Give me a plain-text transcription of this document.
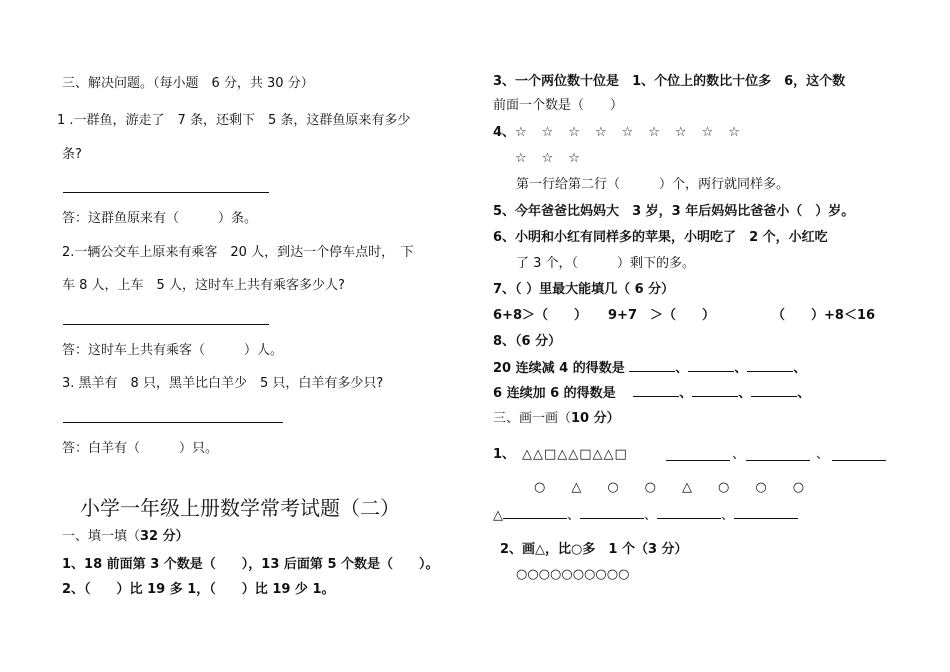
三、解决问题。（每小题　6 分，共 30 分）
1 .一群鱼，游走了　7 条，还剩下　5 条，这群鱼原来有多少
条?
答：这群鱼原来有（　　　）条。
2.一辆公交车上原来有乘客　20 人，到达一个停车点时，　下
车 8 人，上车　5 人，这时车上共有乘客多少人?
答：这时车上共有乘客（　　　）人。
3. 黑羊有　8 只，黑羊比白羊少　5 只，白羊有多少只?
答：白羊有（　　　）只。
小学一年级上册数学常考试题（二）
一、填一填（32 分）
1、18 前面第 3 个数是（　　），13 后面第 5 个数是（　　）。
2、（　　）比 19 多 1，（　　）比 19 少 1。
3、一个两位数十位是　 1、个位上的数比十位多　 6，这个数
前面一个数是（　　）
4、 ☆　☆　☆　☆　☆　☆　☆　☆　☆
☆　☆　☆
第一行给第二行（　　　）个，两行就同样多。
5、今年爸爸比妈妈大　 3 岁，3 年后妈妈比爸爸小（　）岁。
6、小明和小红有同样多的苹果，小明吃了　 2 个，小红吃
了 3 个，（　　　）剩下的多。
7、（ ）里最大能填几（ 6 分）
6+8＞（　　） 9+7　＞（　　）	（　　）+8＜16
8、（6 分）
20 连续减 4 的得数是	、	、	、
6 连续加 6 的得数是　	、	、	、
三、画一画（10 分）
1、 △△□△△□△△□	、	、
○　　△　　○　　○　　△　　○　　○　　○
△	、	、	、
2、画△，比○多　 1 个（3 分）
○○○○○○○○○○
